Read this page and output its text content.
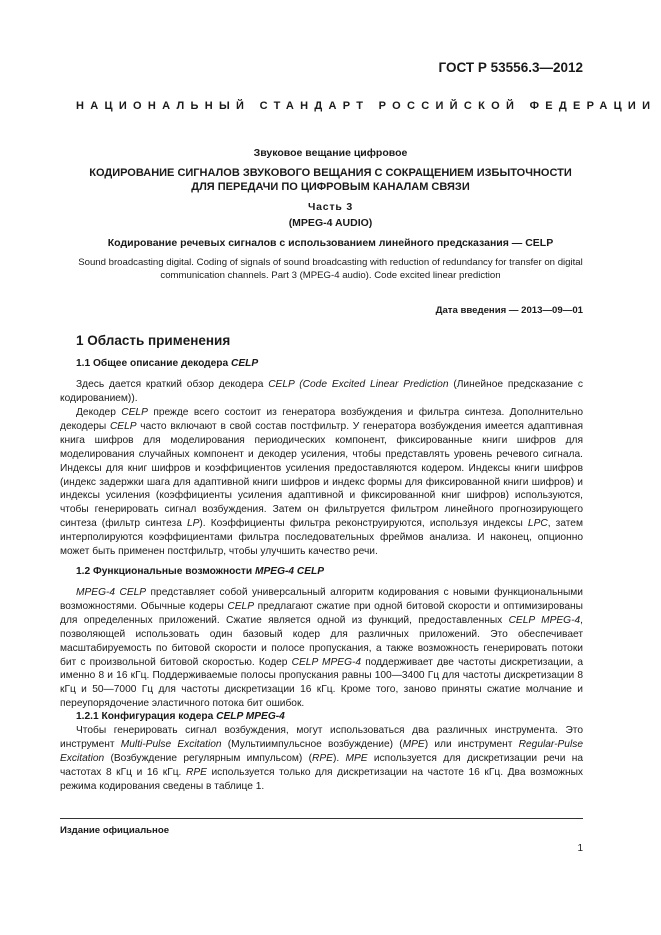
ГОСТ Р 53556.3—2012
НАЦИОНАЛЬНЫЙ СТАНДАРТ РОССИЙСКОЙ ФЕДЕРАЦИИ
Звуковое вещание цифровое
КОДИРОВАНИЕ СИГНАЛОВ ЗВУКОВОГО ВЕЩАНИЯ С СОКРАЩЕНИЕМ ИЗБЫТОЧНОСТИ
ДЛЯ ПЕРЕДАЧИ ПО ЦИФРОВЫМ КАНАЛАМ СВЯЗИ
Часть 3
(MPEG-4 AUDIO)
Кодирование речевых сигналов с использованием линейного предсказания — CELP
Sound broadcasting digital. Coding of signals of sound broadcasting with reduction of redundancy for transfer on digital
communication channels. Part 3 (MPEG-4 audio). Code excited linear prediction
Дата введения — 2013—09—01
1 Область применения
1.1 Общее описание декодера CELP
Здесь дается краткий обзор декодера CELP (Code Excited Linear Prediction (Линейное предсказание с кодированием)).
Декодер CELP прежде всего состоит из генератора возбуждения и фильтра синтеза. Дополнительно декодеры CELP часто включают в свой состав постфильтр. У генератора возбуждения имеется адаптивная книга шифров для моделирования периодических компонент, фиксированные книги шифров для моделирования случайных компонент и декодер усиления, чтобы представлять уровень речевого сигнала. Индексы для книг шифров и коэффициентов усиления предоставляются кодером. Индексы книги шифров (индекс задержки шага для адаптивной книги шифров и индекс формы для фиксированной книги шифров) и индексы усиления (коэффициенты усиления адаптивной и фиксированной книг шифров) используются, чтобы генерировать сигнал возбуждения. Затем он фильтруется фильтром линейного прогнозирующего синтеза (фильтр синтеза LP). Коэффициенты фильтра реконструируются, используя индексы LPC, затем интерполируются коэффициентами фильтра последовательных фреймов анализа. И наконец, опционно может быть применен постфильтр, чтобы улучшить качество речи.
1.2 Функциональные возможности MPEG-4 CELP
MPEG-4 CELP представляет собой универсальный алгоритм кодирования с новыми функциональными возможностями. Обычные кодеры CELP предлагают сжатие при одной битовой скорости и оптимизированы для определенных приложений. Сжатие является одной из функций, предоставленных CELP MPEG-4, позволяющей использовать один базовый кодер для различных приложений. Это обеспечивает масштабируемость по битовой скорости и полосе пропускания, а также возможность генерировать потоки бит с произвольной битовой скоростью. Кодер CELP MPEG-4 поддерживает две частоты дискретизации, а именно 8 и 16 кГц. Поддерживаемые полосы пропускания равны 100—3400 Гц для частоты дискретизации 8 кГц и 50—7000 Гц для частоты дискретизации 16 кГц. Кроме того, заново приняты сжатие молчание и переупорядочение эластичного потока бит ошибок.
1.2.1 Конфигурация кодера CELP MPEG-4
Чтобы генерировать сигнал возбуждения, могут использоваться два различных инструмента. Это инструмент Multi-Pulse Excitation (Мультиимпульсное возбуждение) (MPE) или инструмент Regular-Pulse Excitation (Возбуждение регулярным импульсом) (RPE). MPE используется для дискретизации речи на частотах 8 кГц и 16 кГц. RPE используется только для дискретизации на частоте 16 кГц. Два возможных режима кодирования сведены в таблице 1.
Издание официальное
1
